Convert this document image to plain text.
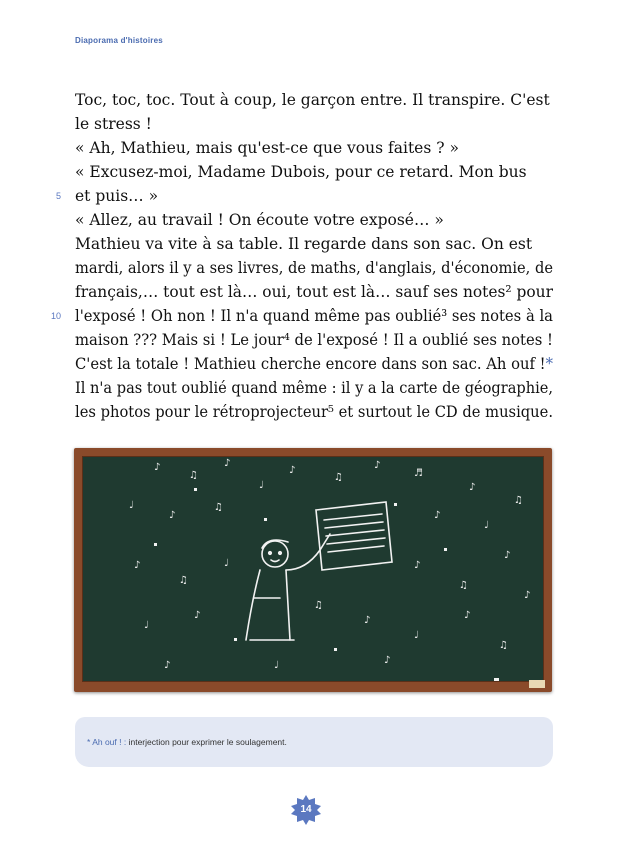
Diaporama d'histoires
Toc, toc, toc. Tout à coup, le garçon entre. Il transpire. C'est
le stress !
« Ah, Mathieu, mais qu'est-ce que vous faites ? »
« Excusez-moi, Madame Dubois, pour ce retard. Mon bus
5 et puis… »
« Allez, au travail ! On écoute votre exposé… »
Mathieu va vite à sa table. Il regarde dans son sac. On est
mardi, alors il y a ses livres, de maths, d'anglais, d'économie, de
français,… tout est là… oui, tout est là… sauf ses notes² pour
10 l'exposé ! Oh non ! Il n'a quand même pas oublié³ ses notes à la
maison ??? Mais si ! Le jour⁴ de l'exposé ! Il a oublié ses notes !
C'est la totale ! Mathieu cherche encore dans son sac. Ah ouf !*
Il n'a pas tout oublié quand même : il y a la carte de géographie,
les photos pour le rétroprojecteur⁵ et surtout le CD de musique.
♪
♫
♪
♩
♪
♫
♪
♬
♪
♩
♪
♫
♪
♩
♫
♪
♫
♩	♪
♫
♪
♩
♪
♫
♪
♩
♪
♫
♪	♩	♪
♪
* Ah ouf ! : interjection pour exprimer le soulagement.
14
